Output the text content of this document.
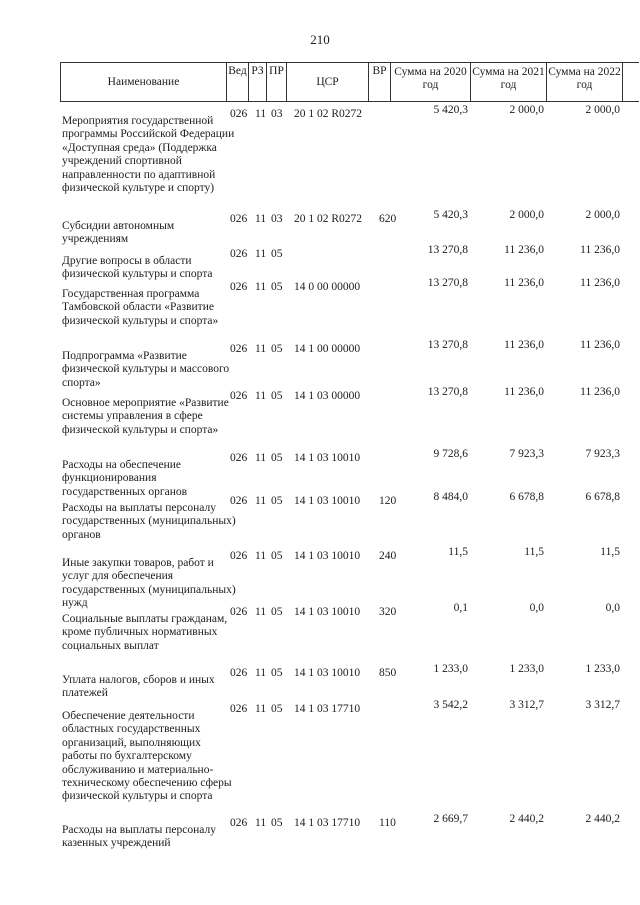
210
Наименование
Вед РЗ ПР
ЦСР
ВР Сумма на 2020 год
Сумма на 2021 год
Сумма на 2022 год
Мероприятия государственной программы Российской Федерации «Доступная среда» (Поддержка учреждений спортивной направленности по адаптивной физической культуре и спорту)
026 11 03 20 1 02 R0272	5 420,3	2 000,0	2 000,0
Субсидии автономным учреждениям
026 11 03 20 1 02 R0272 620	5 420,3	2 000,0	2 000,0
Другие вопросы в области физической культуры и спорта
026 11 05	13 270,8	11 236,0	11 236,0
Государственная программа Тамбовской области «Развитие физической культуры и спорта»
026 11 05 14 0 00 00000	13 270,8	11 236,0	11 236,0
Подпрограмма «Развитие физической культуры и массового спорта»
026 11 05 14 1 00 00000	13 270,8	11 236,0	11 236,0
Основное мероприятие «Развитие системы управления в сфере физической культуры и спорта»
026 11 05 14 1 03 00000	13 270,8	11 236,0	11 236,0
Расходы на обеспечение функционирования государственных органов
026 11 05 14 1 03 10010	9 728,6	7 923,3	7 923,3
Расходы на выплаты персоналу государственных (муниципальных) органов
026 11 05 14 1 03 10010 120	8 484,0	6 678,8	6 678,8
Иные закупки товаров, работ и услуг для обеспечения государственных (муниципальных) нужд
026 11 05 14 1 03 10010 240	11,5	11,5	11,5
Социальные выплаты гражданам, кроме публичных нормативных социальных выплат
026 11 05 14 1 03 10010 320	0,1	0,0	0,0
Уплата налогов, сборов и иных платежей
026 11 05 14 1 03 10010 850	1 233,0	1 233,0	1 233,0
Обеспечение деятельности областных государственных организаций, выполняющих работы по бухгалтерскому обслуживанию и материально-техническому обеспечению сферы физической культуры и спорта
026 11 05 14 1 03 17710	3 542,2	3 312,7	3 312,7
Расходы на выплаты персоналу казенных учреждений
026 11 05 14 1 03 17710 110	2 669,7	2 440,2	2 440,2
